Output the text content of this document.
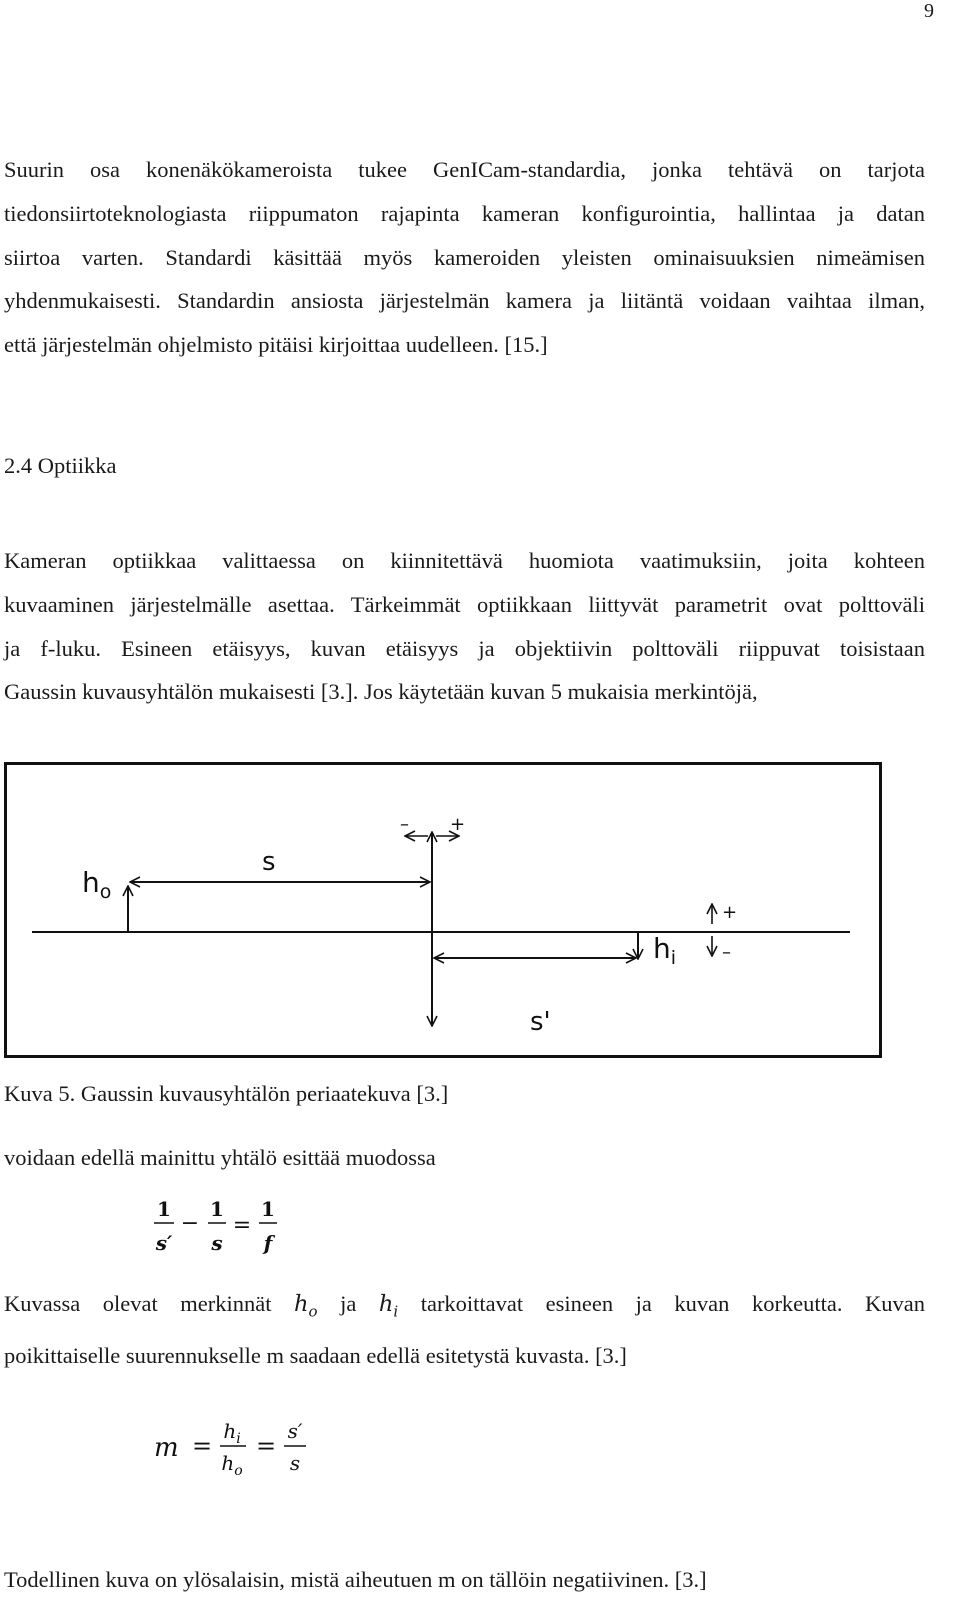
9
Suurin osa konenäkökameroista tukee GenICam-standardia, jonka tehtävä on tarjota
tiedonsiirtoteknologiasta riippumaton rajapinta kameran konfigurointia, hallintaa ja datan
siirtoa varten. Standardi käsittää myös kameroiden yleisten ominaisuuksien nimeämisen
yhdenmukaisesti. Standardin ansiosta järjestelmän kamera ja liitäntä voidaan vaihtaa ilman,
että järjestelmän ohjelmisto pitäisi kirjoittaa uudelleen. [15.]
2.4 Optiikka
Kameran optiikkaa valittaessa on kiinnitettävä huomiota vaatimuksiin, joita kohteen
kuvaaminen järjestelmälle asettaa. Tärkeimmät optiikkaan liittyvät parametrit ovat polttoväli
ja f-luku. Esineen etäisyys, kuvan etäisyys ja objektiivin polttoväli riippuvat toisistaan
Gaussin kuvausyhtälön mukaisesti [3.]. Jos käytetään kuvan 5 mukaisia merkintöjä,
$h_o$
s
– +
$h_i$
+
–
s'
Kuva 5. Gaussin kuvausyhtälön periaatekuva [3.]
voidaan edellä mainittu yhtälö esittää muodossa
1
s′
−
1
s
=
1
f
Kuvassa olevat merkinnät $h_o$ ja $h_i$ tarkoittavat esineen ja kuvan korkeutta. Kuvan
poikittaiselle suurennukselle m saadaan edellä esitetystä kuvasta. [3.]
m =
$h_i$
$h_o$
=
s′
s
Todellinen kuva on ylösalaisin, mistä aiheutuen m on tällöin negatiivinen. [3.]
